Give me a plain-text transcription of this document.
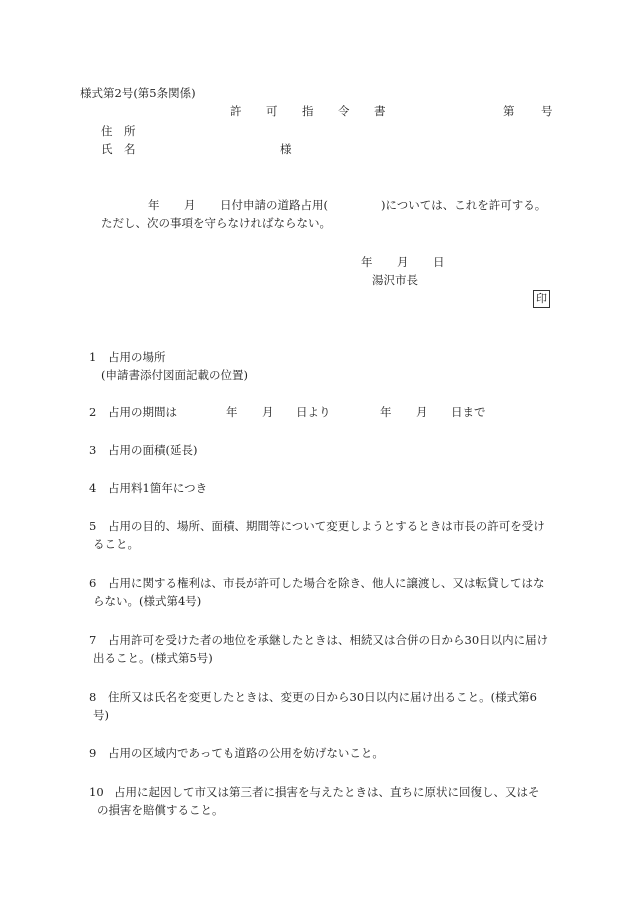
様式第2号(第5条関係)
許 可 指 令 書	第 号
住　所
氏　名	様
年 月 日付申請の道路占用(	)については、これを許可する。
ただし、次の事項を守らなければならない。
年 月 日
湯沢市長
印
1 占用の場所
(申請書添付図面記載の位置)
2 占用の期間は	年 月 日より	年 月 日まで
3 占用の面積(延長)
4 占用料1箇年につき
5 占用の目的、場所、面積、期間等について変更しようとするときは市長の許可を受け
ること。
6 占用に関する権利は、市長が許可した場合を除き、他人に譲渡し、又は転貸してはな
らない。(様式第4号)
7 占用許可を受けた者の地位を承継したときは、相続又は合併の日から30日以内に届け
出ること。(様式第5号)
8 住所又は氏名を変更したときは、変更の日から30日以内に届け出ること。(様式第6
号)
9 占用の区域内であっても道路の公用を妨げないこと。
10 占用に起因して市又は第三者に損害を与えたときは、直ちに原状に回復し、又はそ
の損害を賠償すること。
